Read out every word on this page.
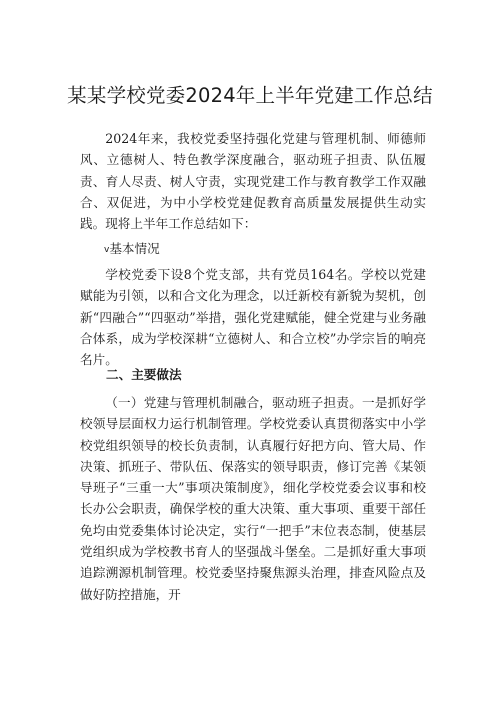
某某学校党委2024年上半年党建工作总结

2024年来，我校党委坚持强化党建与管理机制、师德师风、立德树人、特色教学深度融合，驱动班子担责、队伍履责、育人尽责、树人守责，实现党建工作与教育教学工作双融合、双促进，为中小学校党建促教育高质量发展提供生动实践。现将上半年工作总结如下：

v基本情况

学校党委下设8个党支部，共有党员164名。学校以党建赋能为引领，以和合文化为理念，以迁新校有新貌为契机，创新“四融合”“四驱动”举措，强化党建赋能，健全党建与业务融合体系，成为学校深耕“立德树人、和合立校”办学宗旨的响亮名片。

二、主要做法

（一）党建与管理机制融合，驱动班子担责。一是抓好学校领导层面权力运行机制管理。学校党委认真贯彻落实中小学校党组织领导的校长负责制，认真履行好把方向、管大局、作决策、抓班子、带队伍、保落实的领导职责，修订完善《某领导班子“三重一大”事项决策制度》，细化学校党委会议事和校长办公会职责，确保学校的重大决策、重大事项、重要干部任免均由党委集体讨论决定，实行“一把手”末位表态制，使基层党组织成为学校教书育人的坚强战斗堡垒。二是抓好重大事项追踪溯源机制管理。校党委坚持聚焦源头治理，排查风险点及做好防控措施，开
